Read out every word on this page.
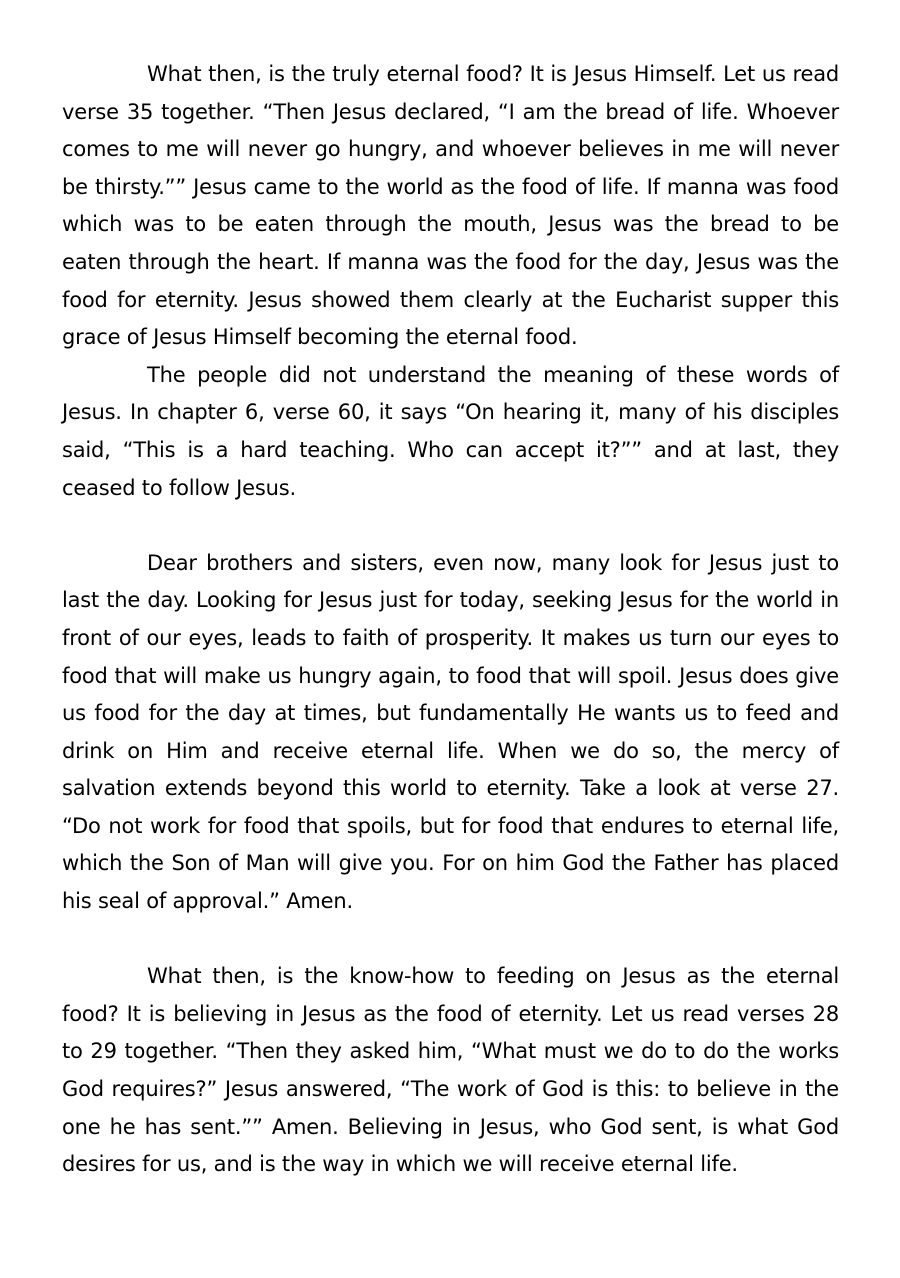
What then, is the truly eternal food? It is Jesus Himself. Let us read verse 35 together. “Then Jesus declared, “I am the bread of life. Whoever comes to me will never go hungry, and whoever believes in me will never be thirsty.”” Jesus came to the world as the food of life. If manna was food which was to be eaten through the mouth, Jesus was the bread to be eaten through the heart. If manna was the food for the day, Jesus was the food for eternity. Jesus showed them clearly at the Eucharist supper this grace of Jesus Himself becoming the eternal food.

The people did not understand the meaning of these words of Jesus. In chapter 6, verse 60, it says “On hearing it, many of his disciples said, “This is a hard teaching. Who can accept it?”” and at last, they ceased to follow Jesus.

Dear brothers and sisters, even now, many look for Jesus just to last the day. Looking for Jesus just for today, seeking Jesus for the world in front of our eyes, leads to faith of prosperity. It makes us turn our eyes to food that will make us hungry again, to food that will spoil. Jesus does give us food for the day at times, but fundamentally He wants us to feed and drink on Him and receive eternal life. When we do so, the mercy of salvation extends beyond this world to eternity. Take a look at verse 27. “Do not work for food that spoils, but for food that endures to eternal life, which the Son of Man will give you. For on him God the Father has placed his seal of approval.” Amen.

What then, is the know-how to feeding on Jesus as the eternal food? It is believing in Jesus as the food of eternity. Let us read verses 28 to 29 together. “Then they asked him, “What must we do to do the works God requires?” Jesus answered, “The work of God is this: to believe in the one he has sent.”” Amen. Believing in Jesus, who God sent, is what God desires for us, and is the way in which we will receive eternal life.
